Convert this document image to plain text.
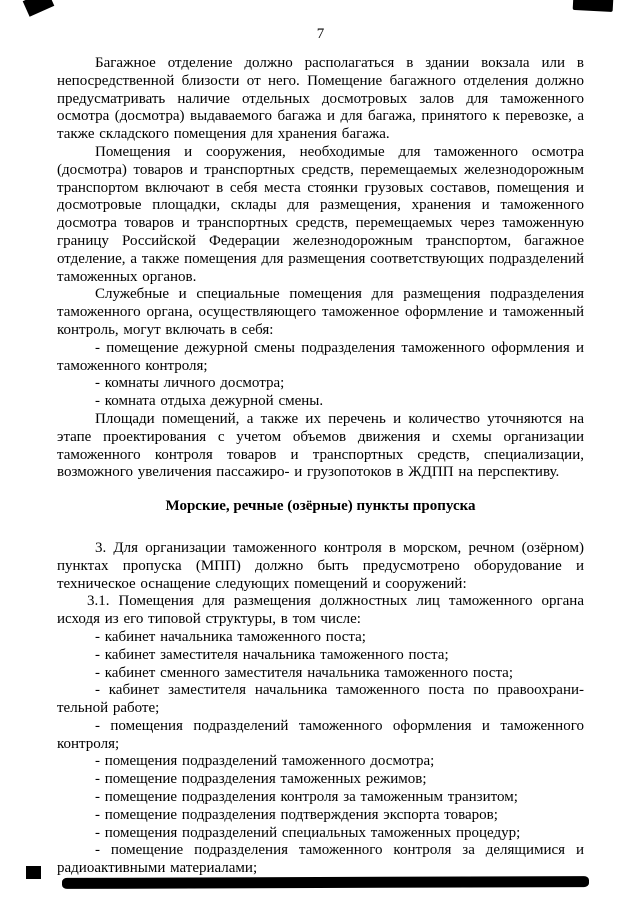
7

Багажное отделение должно располагаться в здании вокзала или в непосредственной близости от него. Помещение багажного отделения должно предусматривать наличие отдельных досмотровых залов для таможенного осмотра (досмотра) выдаваемого багажа и для багажа, принятого к перевозке, а также складского помещения для хранения багажа.

Помещения и сооружения, необходимые для таможенного осмотра (досмотра) товаров и транспортных средств, перемещаемых железнодорожным транспортом включают в себя места стоянки грузовых составов, помещения и досмотровые площадки, склады для размещения, хранения и таможенного досмотра товаров и транспортных средств, перемещаемых через таможенную границу Российской Федерации железнодорожным транспортом, багажное отделение, а также помещения для размещения соответствующих подразделений таможенных органов.

Служебные и специальные помещения для размещения подразделения таможенного органа, осуществляющего таможенное оформление и таможенный контроль, могут включать в себя:

- помещение дежурной смены подразделения таможенного оформления и таможенного контроля;

- комнаты личного досмотра;

- комната отдыха дежурной смены.

Площади помещений, а также их перечень и количество уточняются на этапе проектирования с учетом объемов движения и схемы организации таможенного контроля товаров и транспортных средств, специализации, возможного увеличения пассажиро- и грузопотоков в ЖДПП на перспективу.

Морские, речные (озёрные) пункты пропуска

3. Для организации таможенного контроля в морском, речном (озёрном) пунктах пропуска (МПП) должно быть предусмотрено оборудование и техническое оснащение следующих помещений и сооружений:

3.1. Помещения для размещения должностных лиц таможенного органа исходя из его типовой структуры, в том числе:

- кабинет начальника таможенного поста;

- кабинет заместителя начальника таможенного поста;

- кабинет сменного заместителя начальника таможенного поста;

- кабинет заместителя начальника таможенного поста по правоохранительной работе;

- помещения подразделений таможенного оформления и таможенного контроля;

- помещения подразделений таможенного досмотра;

- помещение подразделения таможенных режимов;

- помещение подразделения контроля за таможенным транзитом;

- помещение подразделения подтверждения экспорта товаров;

- помещения подразделений специальных таможенных процедур;

- помещение подразделения таможенного контроля за делящимися и радиоактивными материалами;
